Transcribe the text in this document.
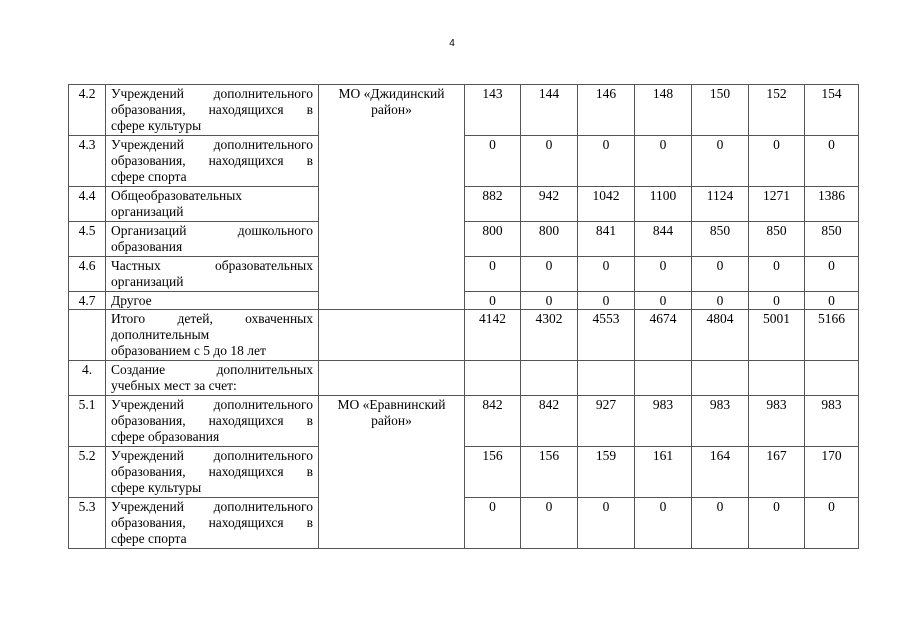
4
4.2	Учреждений дополнительного
образования, находящихся в
сфере культуры	МО «Джидинский район»		143	144	146	148	150	152	154
4.3	Учреждений дополнительного
образования, находящихся в
сфере спорта		0	0	0	0	0	0	0
4.4	Общеобразовательных
организаций		882	942	1042	1100	1124	1271	1386
4.5	Организаций дошкольного
образования		800	800	841	844	850	850	850
4.6	Частных образовательных
организаций		0	0	0	0	0	0	0
4.7	Другое		0	0	0	0	0	0	0

	Итого детей, охваченных
дополнительным
образованием с 5 до 18 лет			4142	4302	4553	4674	4804	5001	5166
4.	Создание дополнительных
учебных мест за счет:								

5.1	Учреждений дополнительного
образования, находящихся в
сфере образования	МО «Еравнинский район»		842	842	927	983	983	983	983
5.2	Учреждений дополнительного
образования, находящихся в
сфере культуры		156	156	159	161	164	167	170
5.3	Учреждений дополнительного
образования, находящихся в
сфере спорта		0	0	0	0	0	0	0
